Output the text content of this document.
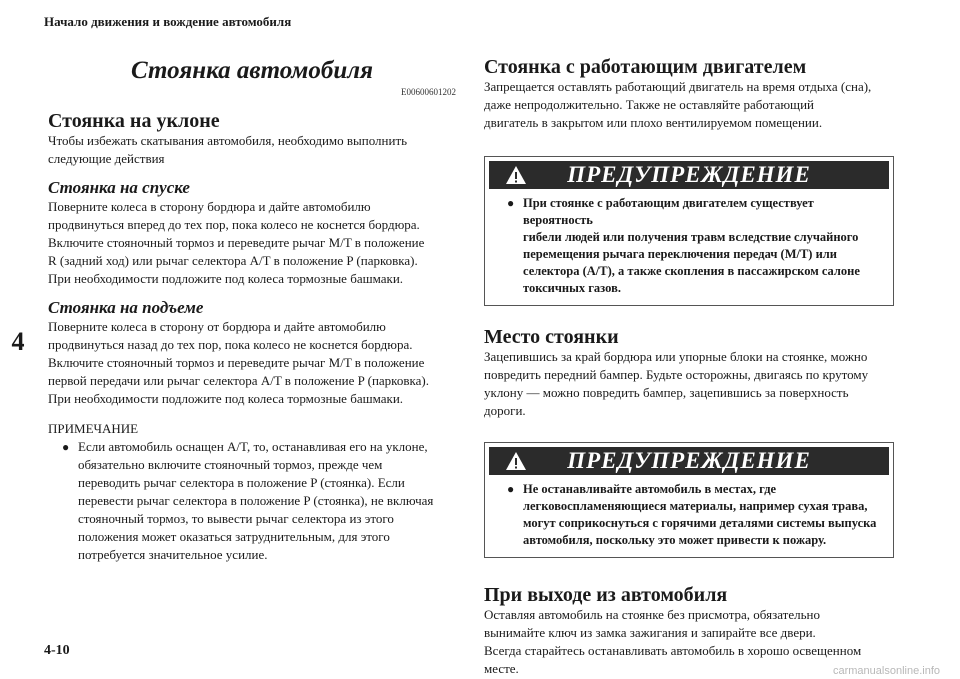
Начало движения и вождение автомобиля
4
Стоянка автомобиля
E00600601202
Стоянка на уклоне

Чтобы избежать скатывания автомобиля, необходимо выполнить

следующие действия

Стоянка на спуске

Поверните колеса в сторону бордюра и дайте автомобилю

продвинуться вперед до тех пор, пока колесо не коснется бордюра.

Включите стояночный тормоз и переведите рычаг M/T в положение

R (задний ход) или рычаг селектора A/T в положение P (парковка).

При необходимости подложите под колеса тормозные башмаки.

Стоянка на подъеме

Поверните колеса в сторону от бордюра и дайте автомобилю

продвинуться назад до тех пор, пока колесо не коснется бордюра.

Включите стояночный тормоз и переведите рычаг M/T в положение

первой передачи или рычаг селектора A/T в положение P (парковка).

При необходимости подложите под колеса тормозные башмаки.

ПРИМЕЧАНИЕ
● Если автомобиль оснащен A/T, то, останавливая его на уклоне,
обязательно включите стояночный тормоз, прежде чем
переводить рычаг селектора в положение P (стоянка). Если
перевести рычаг селектора в положение P (стоянка), не включая
стояночный тормоз, то вывести рычаг селектора из этого
положения может оказаться затруднительным, для этого
потребуется значительное усилие.
Стоянка с работающим двигателем

Запрещается оставлять работающий двигатель на время отдыха (сна),

даже непродолжительно. Также не оставляйте работающий

двигатель в закрытом или плохо вентилируемом помещении.

ПРЕДУПРЕЖДЕНИЕ
● При стоянке с работающим двигателем существует вероятность
гибели людей или получения травм вследствие случайного
перемещения рычага переключения передач (M/T) или
селектора (A/T), а также скопления в пассажирском салоне
токсичных газов.
Место стоянки

Зацепившись за край бордюра или упорные блоки на стоянке, можно

повредить передний бампер. Будьте осторожны, двигаясь по крутому

уклону — можно повредить бампер, зацепившись за поверхность

дороги.

ПРЕДУПРЕЖДЕНИЕ
● Не останавливайте автомобиль в местах, где
легковоспламеняющиеся материалы, например сухая трава,
могут соприкоснуться с горячими деталями системы выпуска
автомобиля, поскольку это может привести к пожару.
При выходе из автомобиля

Оставляя автомобиль на стоянке без присмотра, обязательно

вынимайте ключ из замка зажигания и запирайте все двери.

Всегда старайтесь останавливать автомобиль в хорошо освещенном

месте.

4-10
carmanualsonline.info
